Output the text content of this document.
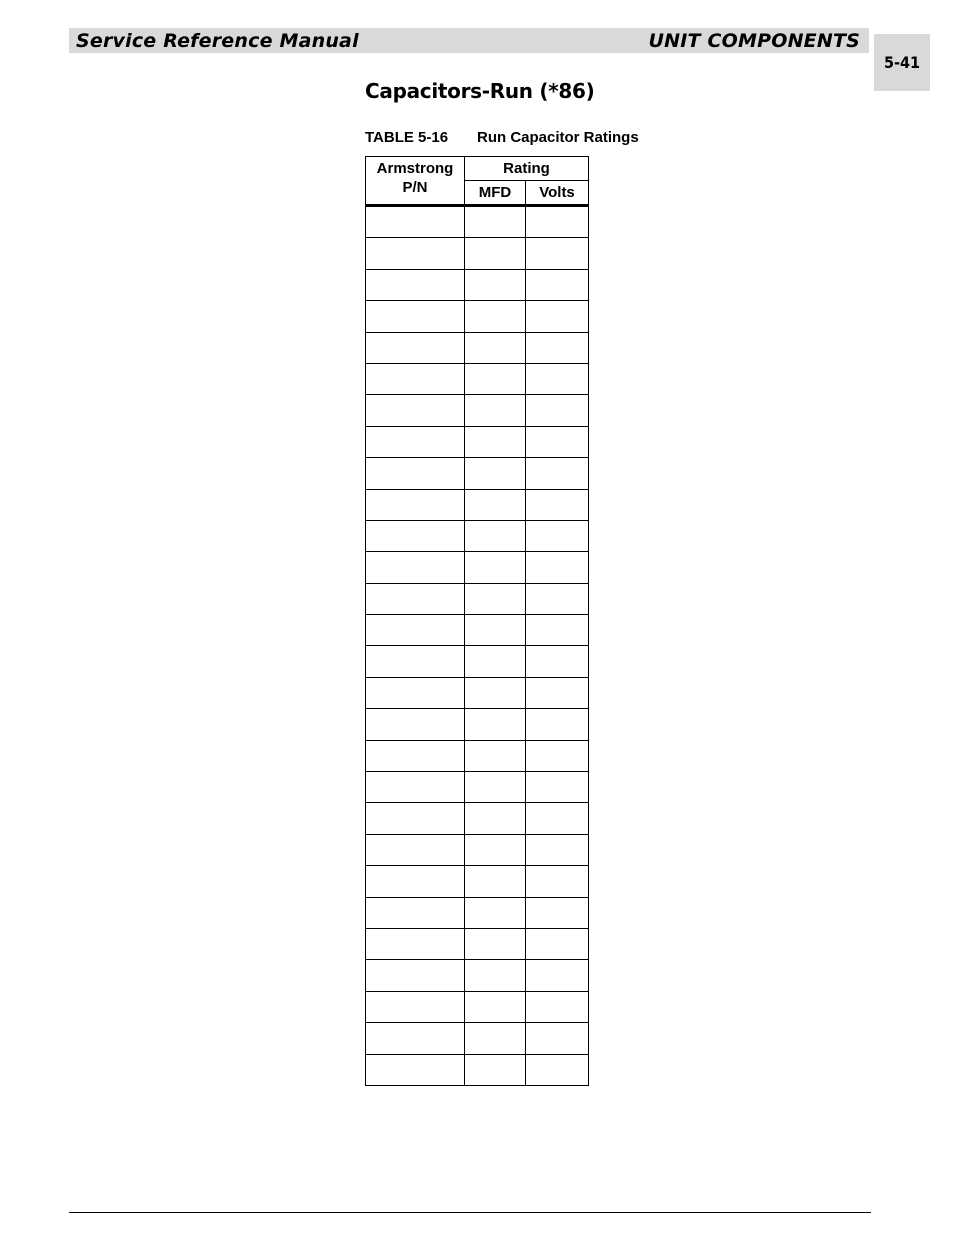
Service Reference Manual	UNIT COMPONENTS
5-41
Capacitors-Run (*86)
TABLE 5-16 Run Capacitor Ratings
Armstrong
P/N	Rating	
	MFD	Volts
